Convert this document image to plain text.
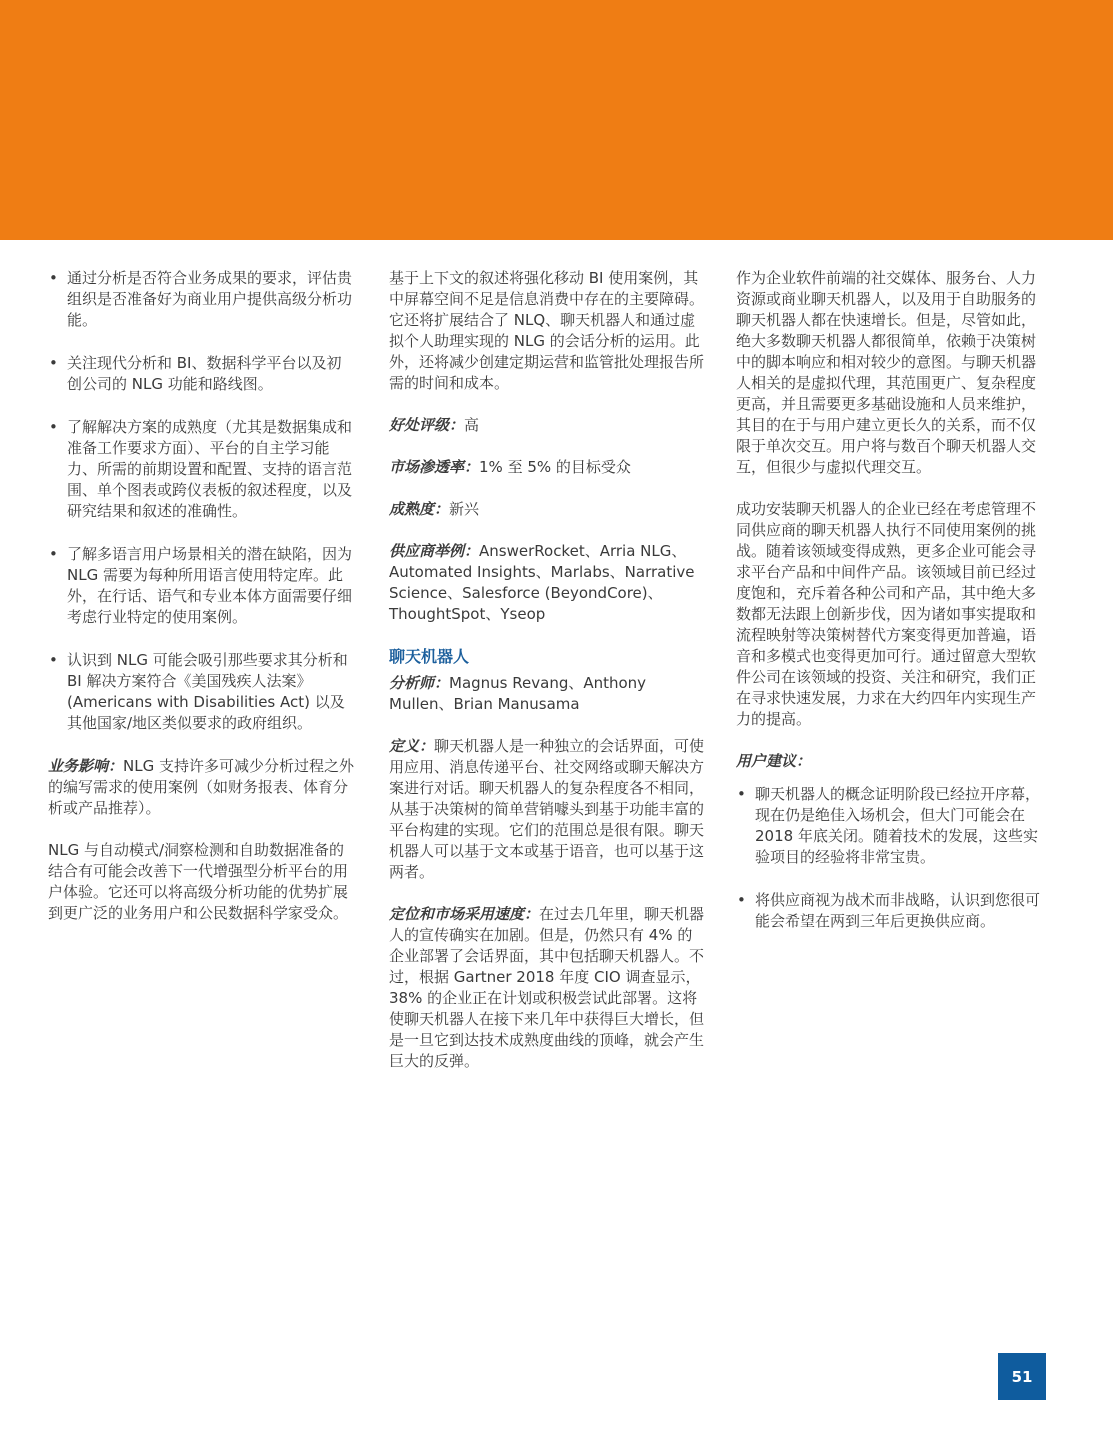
• 通过分析是否符合业务成果的要求，评估贵组织是否准备好为商业用户提供高级分析功能。
• 关注现代分析和 BI、数据科学平台以及初创公司的 NLG 功能和路线图。
• 了解解决方案的成熟度（尤其是数据集成和准备工作要求方面）、平台的自主学习能力、所需的前期设置和配置、支持的语言范围、单个图表或跨仪表板的叙述程度，以及研究结果和叙述的准确性。
• 了解多语言用户场景相关的潜在缺陷，因为 NLG 需要为每种所用语言使用特定库。此外，在行话、语气和专业本体方面需要仔细考虑行业特定的使用案例。
• 认识到 NLG 可能会吸引那些要求其分析和 BI 解决方案符合《美国残疾人法案》(Americans with Disabilities Act) 以及其他国家/地区类似要求的政府组织。

业务影响：NLG 支持许多可减少分析过程之外的编写需求的使用案例（如财务报表、体育分析或产品推荐）。

NLG 与自动模式/洞察检测和自助数据准备的结合有可能会改善下一代增强型分析平台的用户体验。它还可以将高级分析功能的优势扩展到更广泛的业务用户和公民数据科学家受众。

基于上下文的叙述将强化移动 BI 使用案例，其中屏幕空间不足是信息消费中存在的主要障碍。它还将扩展结合了 NLQ、聊天机器人和通过虚拟个人助理实现的 NLG 的会话分析的运用。此外，还将减少创建定期运营和监管批处理报告所需的时间和成本。

好处评级：高

市场渗透率：1% 至 5% 的目标受众

成熟度：新兴

供应商举例：AnswerRocket、Arria NLG、Automated Insights、Marlabs、Narrative Science、Salesforce (BeyondCore)、ThoughtSpot、Yseop

聊天机器人

分析师：Magnus Revang、Anthony Mullen、Brian Manusama

定义：聊天机器人是一种独立的会话界面，可使用应用、消息传递平台、社交网络或聊天解决方案进行对话。聊天机器人的复杂程度各不相同，从基于决策树的简单营销噱头到基于功能丰富的平台构建的实现。它们的范围总是很有限。聊天机器人可以基于文本或基于语音，也可以基于这两者。

定位和市场采用速度：在过去几年里，聊天机器人的宣传确实在加剧。但是，仍然只有 4% 的企业部署了会话界面，其中包括聊天机器人。不过，根据 Gartner 2018 年度 CIO 调查显示，38% 的企业正在计划或积极尝试此部署。这将使聊天机器人在接下来几年中获得巨大增长，但是一旦它到达技术成熟度曲线的顶峰，就会产生巨大的反弹。

作为企业软件前端的社交媒体、服务台、人力资源或商业聊天机器人，以及用于自助服务的聊天机器人都在快速增长。但是，尽管如此，绝大多数聊天机器人都很简单，依赖于决策树中的脚本响应和相对较少的意图。与聊天机器人相关的是虚拟代理，其范围更广、复杂程度更高，并且需要更多基础设施和人员来维护，其目的在于与用户建立更长久的关系，而不仅限于单次交互。用户将与数百个聊天机器人交互，但很少与虚拟代理交互。

成功安装聊天机器人的企业已经在考虑管理不同供应商的聊天机器人执行不同使用案例的挑战。随着该领域变得成熟，更多企业可能会寻求平台产品和中间件产品。该领域目前已经过度饱和，充斥着各种公司和产品，其中绝大多数都无法跟上创新步伐，因为诸如事实提取和流程映射等决策树替代方案变得更加普遍，语音和多模式也变得更加可行。通过留意大型软件公司在该领域的投资、关注和研究，我们正在寻求快速发展，力求在大约四年内实现生产力的提高。

用户建议：

• 聊天机器人的概念证明阶段已经拉开序幕，现在仍是绝佳入场机会，但大门可能会在 2018 年底关闭。随着技术的发展，这些实验项目的经验将非常宝贵。
• 将供应商视为战术而非战略，认识到您很可能会希望在两到三年后更换供应商。
51
